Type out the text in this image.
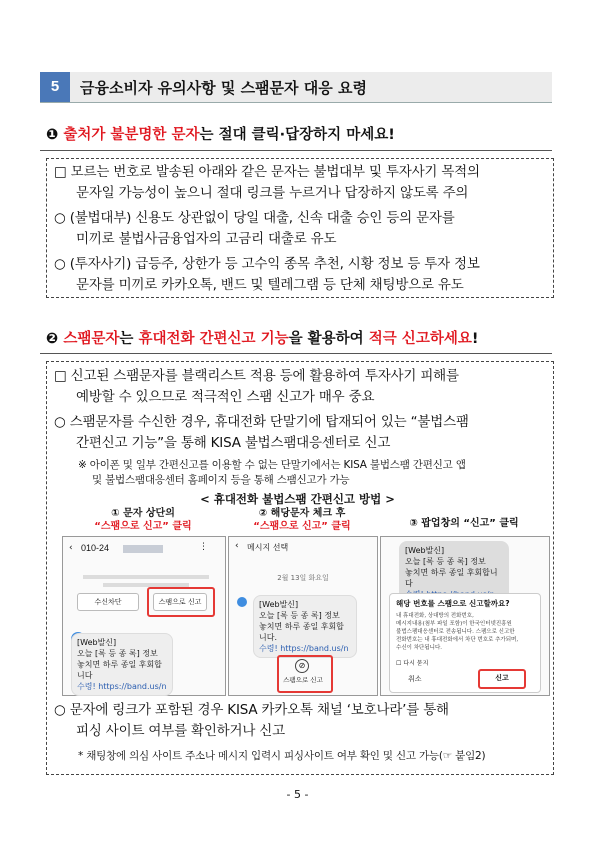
5	금융소비자 유의사항 및 스팸문자 대응 요령
❶ 출처가 불분명한 문자는 절대 클릭·답장하지 마세요!
□ 모르는 번호로 발송된 아래와 같은 문자는 불법대부 및 투자사기 목적의
문자일 가능성이 높으니 절대 링크를 누르거나 답장하지 않도록 주의
○ (불법대부) 신용도 상관없이 당일 대출, 신속 대출 승인 등의 문자를
미끼로 불법사금융업자의 고금리 대출로 유도
○ (투자사기) 급등주, 상한가 등 고수익 종목 추천, 시황 정보 등 투자 정보
문자를 미끼로 카카오톡, 밴드 및 텔레그램 등 단체 채팅방으로 유도
❷ 스팸문자는 휴대전화 간편신고 기능을 활용하여 적극 신고하세요!
□ 신고된 스팸문자를 블랙리스트 적용 등에 활용하여 투자사기 피해를
예방할 수 있으므로 적극적인 스팸 신고가 매우 중요
○ 스팸문자를 수신한 경우, 휴대전화 단말기에 탑재되어 있는 “불법스팸
간편신고 기능”을 통해 KISA 불법스팸대응센터로 신고
※ 아이폰 및 일부 간편신고를 이용할 수 없는 단말기에서는 KISA 불법스팸 간편신고 앱
및 불법스팸대응센터 홈페이지 등을 통해 스팸신고가 가능
< 휴대전화 불법스팸 간편신고 방법 >
① 문자 상단의
“스팸으로 신고” 클릭
② 해당문자 체크 후
“스팸으로 신고” 클릭	③ 팝업창의 “신고” 클릭
‹ 010-24	⋮
수신차단	스팸으로 신고
[Web발신]
오늘 [록 등 종 록] 정보
놓치면 하루 종일 후회합니다
수령! https://band.us/n
‹ 메시지 선택
2월 13일 화요일
[Web발신]
오늘 [록 등 종 록] 정보
놓치면 하루 종일 후회합니다.
수령! https://band.us/n
⊘
스팸으로 신고
[Web발신]
오늘 [록 등 종 록] 정보
놓치면 하루 종일 후회합니다
해당 번호를 스팸으로 신고할까요?
내 휴대전화, 상대방의 전화번호,
메시지내용(첨부 파일 포함)이 한국인터넷진흥원
불법스팸대응센터로 전송됩니다. 스팸으로 신고한
전화번호는 내 휴대전화에서 차단 번호로 추가되며,
수신이 차단됩니다.
☐ 다시 묻지
취소	신고
○ 문자에 링크가 포함된 경우 KISA 카카오톡 채널 ‘보호나라’를 통해
피싱 사이트 여부를 확인하거나 신고
* 채팅창에 의심 사이트 주소나 메시지 입력시 피싱사이트 여부 확인 및 신고 가능(☞ 붙임2)
- 5 -
